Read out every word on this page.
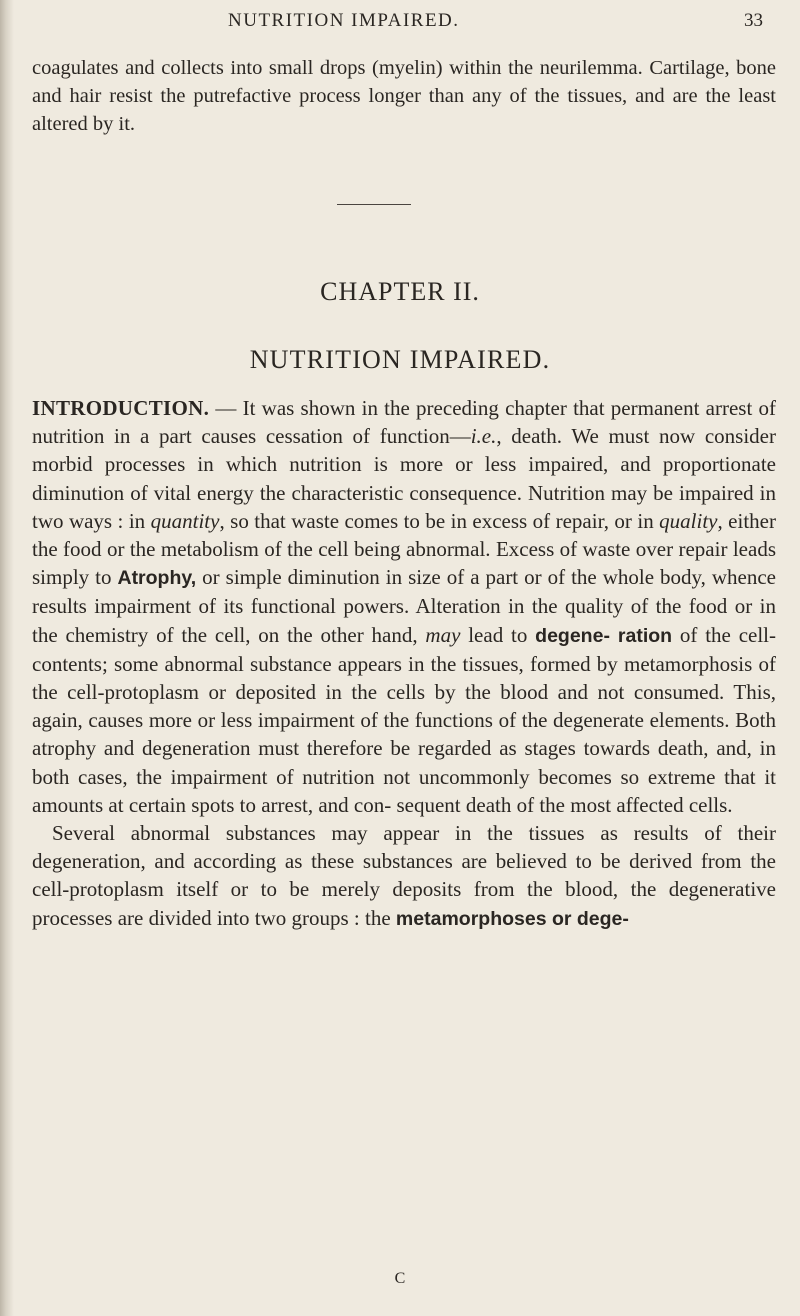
NUTRITION IMPAIRED.	33

coagulates and collects into small drops (myelin) within the neurilemma. Cartilage, bone and hair resist the putrefactive process longer than any of the tissues, and are the least altered by it.

CHAPTER II.
NUTRITION IMPAIRED.

INTRODUCTION. — It was shown in the preceding chapter that permanent arrest of nutrition in a part causes cessation of function—i.e., death. We must now consider morbid processes in which nutrition is more or less impaired, and proportionate diminution of vital energy the characteristic consequence. Nutrition may be impaired in two ways : in quantity, so that waste comes to be in excess of repair, or in quality, either the food or the metabolism of the cell being abnormal. Excess of waste over repair leads simply to Atrophy, or simple diminution in size of a part or of the whole body, whence results impairment of its functional powers. Alteration in the quality of the food or in the chemistry of the cell, on the other hand, may lead to degene- ration of the cell-contents; some abnormal substance appears in the tissues, formed by metamorphosis of the cell-protoplasm or deposited in the cells by the blood and not consumed. This, again, causes more or less impairment of the functions of the degenerate elements. Both atrophy and degeneration must therefore be regarded as stages towards death, and, in both cases, the impairment of nutrition not uncommonly becomes so extreme that it amounts at certain spots to arrest, and con- sequent death of the most affected cells.

Several abnormal substances may appear in the tissues as results of their degeneration, and according as these substances are believed to be derived from the cell-protoplasm itself or to be merely deposits from the blood, the degenerative processes are divided into two groups : the metamorphoses or dege-

C
